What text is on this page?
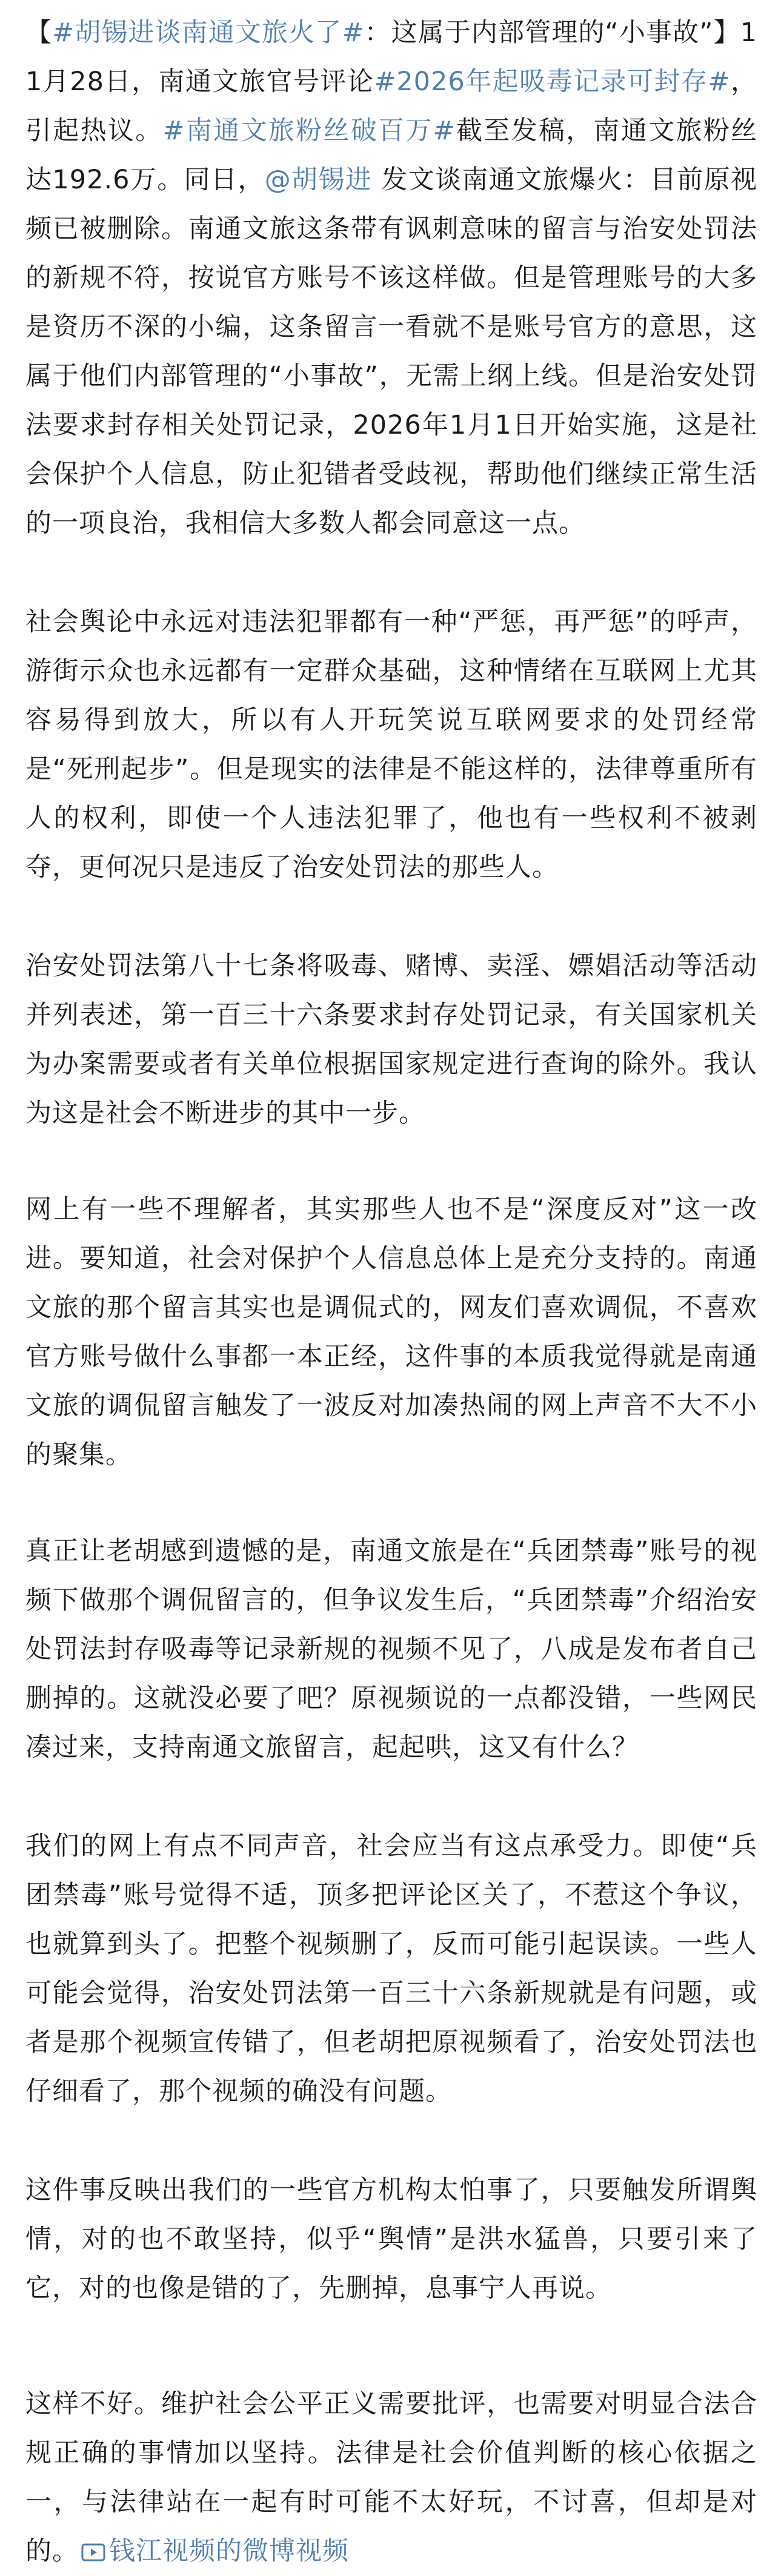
【#胡锡进谈南通文旅火了#：这属于内部管理的“小事故”】11月28日，南通文旅官号评论#2026年起吸毒记录可封存#，引起热议。#南通文旅粉丝破百万#截至发稿，南通文旅粉丝达192.6万。同日，@胡锡进 发文谈南通文旅爆火：目前原视频已被删除。南通文旅这条带有讽刺意味的留言与治安处罚法的新规不符，按说官方账号不该这样做。但是管理账号的大多是资历不深的小编，这条留言一看就不是账号官方的意思，这属于他们内部管理的“小事故”，无需上纲上线。但是治安处罚法要求封存相关处罚记录，2026年1月1日开始实施，这是社会保护个人信息，防止犯错者受歧视，帮助他们继续正常生活的一项良治，我相信大多数人都会同意这一点。

社会舆论中永远对违法犯罪都有一种“严惩，再严惩”的呼声，游街示众也永远都有一定群众基础，这种情绪在互联网上尤其容易得到放大，所以有人开玩笑说互联网要求的处罚经常是“死刑起步”。但是现实的法律是不能这样的，法律尊重所有人的权利，即使一个人违法犯罪了，他也有一些权利不被剥夺，更何况只是违反了治安处罚法的那些人。

治安处罚法第八十七条将吸毒、赌博、卖淫、嫖娼活动等活动并列表述，第一百三十六条要求封存处罚记录，有关国家机关为办案需要或者有关单位根据国家规定进行查询的除外。我认为这是社会不断进步的其中一步。

网上有一些不理解者，其实那些人也不是“深度反对”这一改进。要知道，社会对保护个人信息总体上是充分支持的。南通文旅的那个留言其实也是调侃式的，网友们喜欢调侃，不喜欢官方账号做什么事都一本正经，这件事的本质我觉得就是南通文旅的调侃留言触发了一波反对加凑热闹的网上声音不大不小的聚集。

真正让老胡感到遗憾的是，南通文旅是在“兵团禁毒”账号的视频下做那个调侃留言的，但争议发生后，“兵团禁毒”介绍治安处罚法封存吸毒等记录新规的视频不见了，八成是发布者自己删掉的。这就没必要了吧？原视频说的一点都没错，一些网民凑过来，支持南通文旅留言，起起哄，这又有什么？

我们的网上有点不同声音，社会应当有这点承受力。即使“兵团禁毒”账号觉得不适，顶多把评论区关了，不惹这个争议，也就算到头了。把整个视频删了，反而可能引起误读。一些人可能会觉得，治安处罚法第一百三十六条新规就是有问题，或者是那个视频宣传错了，但老胡把原视频看了，治安处罚法也仔细看了，那个视频的确没有问题。

这件事反映出我们的一些官方机构太怕事了，只要触发所谓舆情，对的也不敢坚持，似乎“舆情”是洪水猛兽，只要引来了它，对的也像是错的了，先删掉，息事宁人再说。

这样不好。维护社会公平正义需要批评，也需要对明显合法合规正确的事情加以坚持。法律是社会价值判断的核心依据之一，与法律站在一起有时可能不太好玩，不讨喜，但却是对的。 钱江视频的微博视频
